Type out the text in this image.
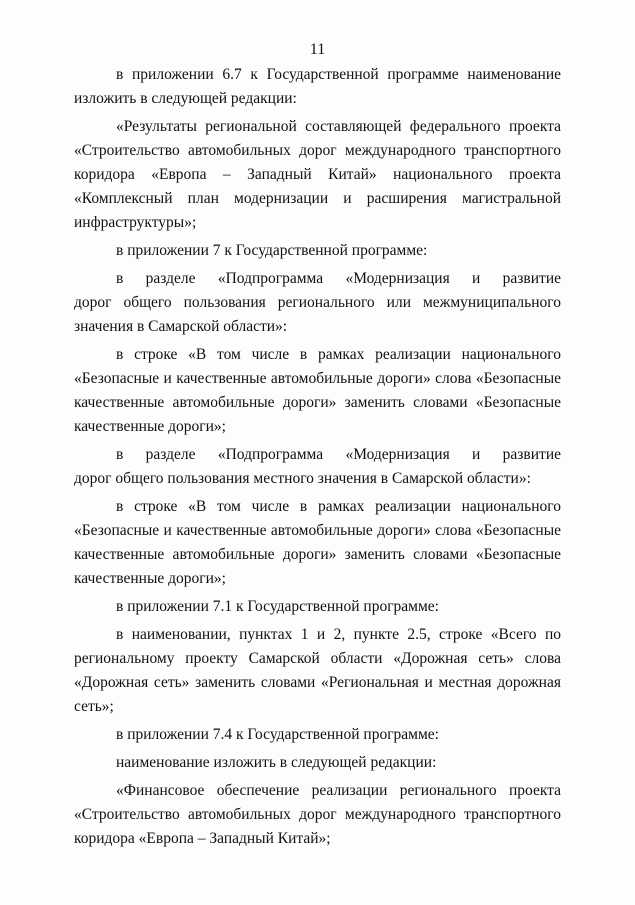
11
в приложении 6.7 к Государственной программе наименование
изложить в следующей редакции:
«Результаты региональной составляющей федерального проекта
«Строительство автомобильных дорог международного транспортного
коридора «Европа – Западный Китай» национального проекта
«Комплексный план модернизации и расширения магистральной
инфраструктуры»;
в приложении 7 к Государственной программе:
в разделе «Подпрограмма «Модернизация и развитие
дорог общего пользования регионального или межмуниципального
значения в Самарской области»:
в строке «В том числе в рамках реализации национального
«Безопасные и качественные автомобильные дороги» слова «Безопасные
качественные автомобильные дороги» заменить словами «Безопасные
качественные дороги»;
в разделе «Подпрограмма «Модернизация и развитие
дорог общего пользования местного значения в Самарской области»:
в строке «В том числе в рамках реализации национального
«Безопасные и качественные автомобильные дороги» слова «Безопасные
качественные автомобильные дороги» заменить словами «Безопасные
качественные дороги»;
в приложении 7.1 к Государственной программе:
в наименовании, пунктах 1 и 2, пункте 2.5, строке «Всего по
региональному проекту Самарской области «Дорожная сеть» слова
«Дорожная сеть» заменить словами «Региональная и местная дорожная
сеть»;
в приложении 7.4 к Государственной программе:
наименование изложить в следующей редакции:
«Финансовое обеспечение реализации регионального проекта
«Строительство автомобильных дорог международного транспортного
коридора «Европа – Западный Китай»;
